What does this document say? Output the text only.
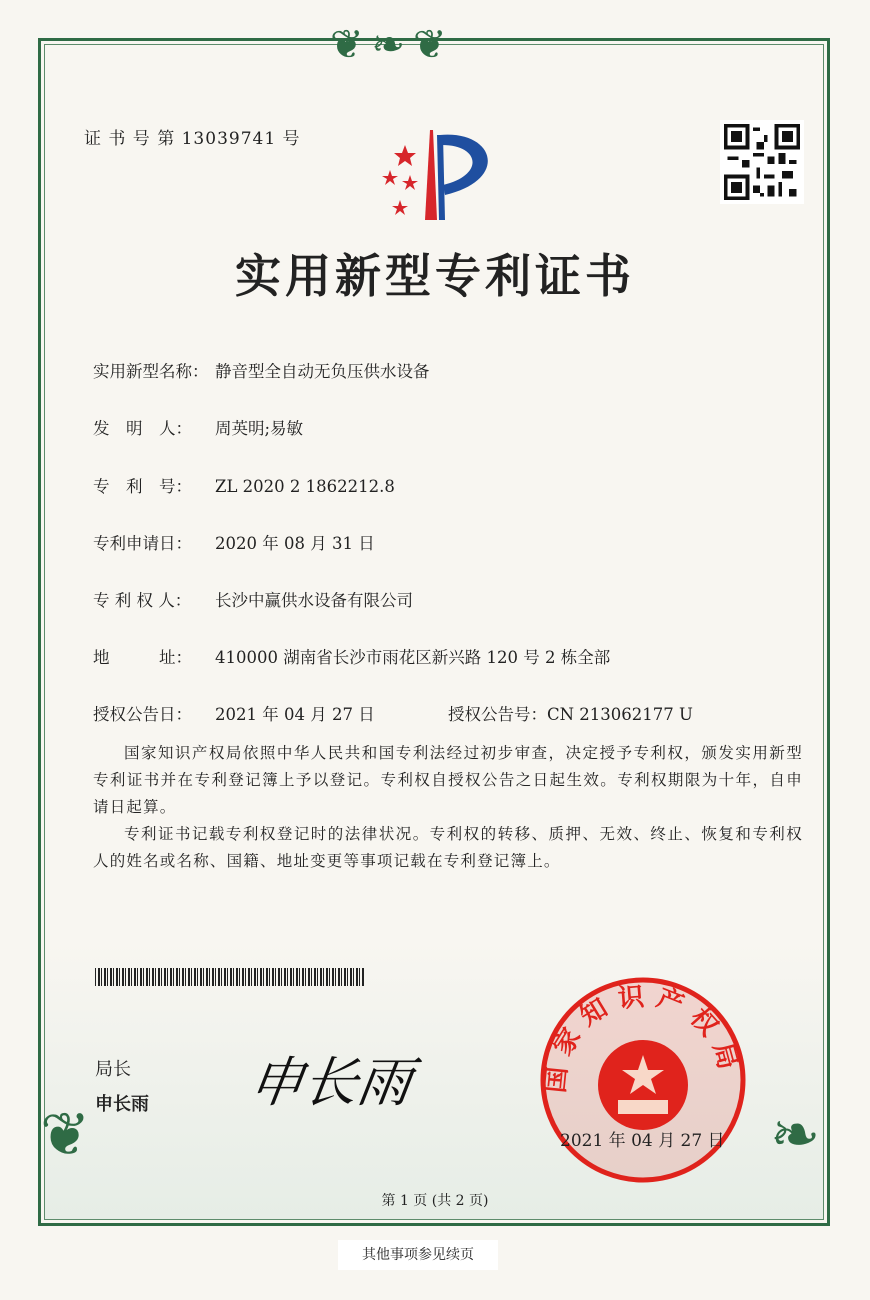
❦❧❦
❦	❧
证 书 号 第 13039741 号
实用新型专利证书
实用新型名称： 静音型全自动无负压供水设备
发　明　人： 周英明;易敏
专　利　号： ZL 2020 2 1862212.8
专利申请日： 2020 年 08 月 31 日
专 利 权 人： 长沙中赢供水设备有限公司
地　　　址： 410000 湖南省长沙市雨花区新兴路 120 号 2 栋全部
授权公告日： 2021 年 04 月 27 日	授权公告号：CN 213062177 U
国家知识产权局依照中华人民共和国专利法经过初步审查，决定授予专利权，颁发实用新型专利证书并在专利登记簿上予以登记。专利权自授权公告之日起生效。专利权期限为十年，自申请日起算。
专利证书记载专利权登记时的法律状况。专利权的转移、质押、无效、终止、恢复和专利权人的姓名或名称、国籍、地址变更等事项记载在专利登记簿上。
局长
申长雨 申长雨	国家知识产权局
2021 年 04 月 27 日
第 1 页 (共 2 页)
其他事项参见续页
